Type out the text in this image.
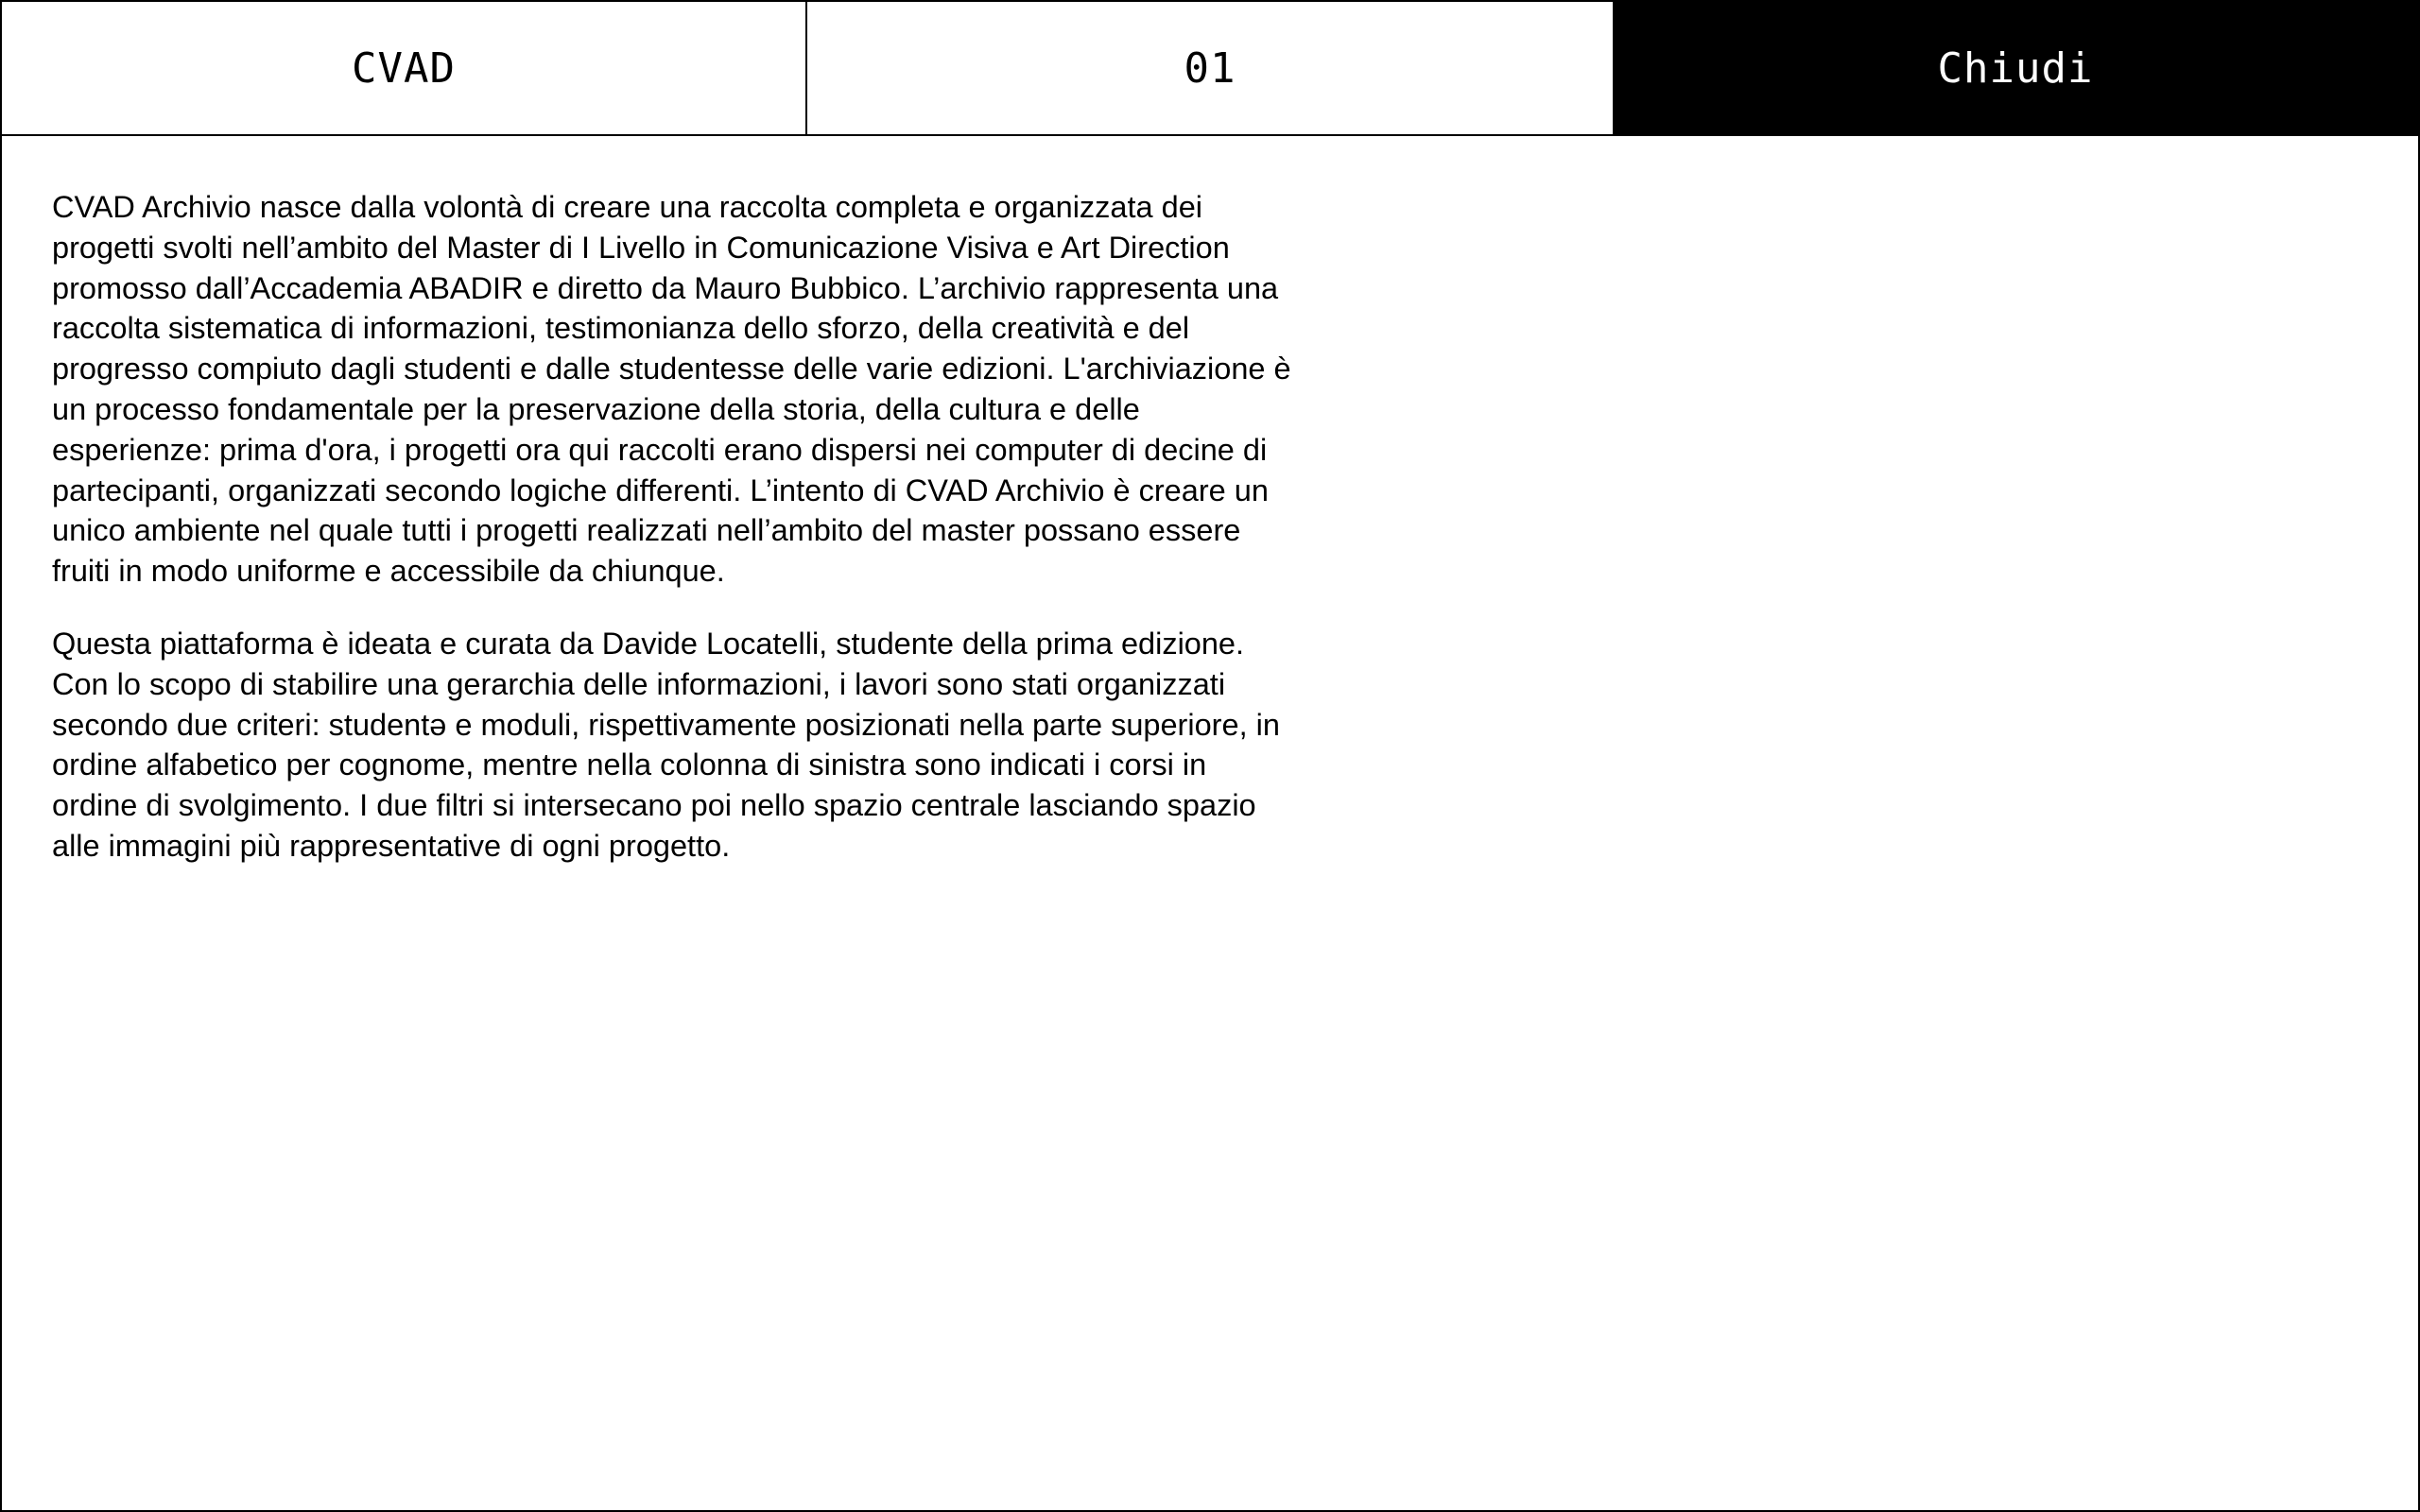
CVAD	01	Chiudi

CVAD Archivio nasce dalla volontà di creare una raccolta completa e organizzata dei progetti svolti nell’ambito del Master di I Livello in Comunicazione Visiva e Art Direction promosso dall’Accademia ABADIR e diretto da Mauro Bubbico. L’archivio rappresenta una raccolta sistematica di informazioni, testimonianza dello sforzo, della creatività e del progresso compiuto dagli studenti e dalle studentesse delle varie edizioni. L'archiviazione è un processo fondamentale per la preservazione della storia, della cultura e delle esperienze: prima d'ora, i progetti ora qui raccolti erano dispersi nei computer di decine di partecipanti, organizzati secondo logiche differenti. L’intento di CVAD Archivio è creare un unico ambiente nel quale tutti i progetti realizzati nell’ambito del master possano essere fruiti in modo uniforme e accessibile da chiunque.

Questa piattaforma è ideata e curata da Davide Locatelli, studente della prima edizione. Con lo scopo di stabilire una gerarchia delle informazioni, i lavori sono stati organizzati secondo due criteri: studentə e moduli, rispettivamente posizionati nella parte superiore, in ordine alfabetico per cognome, mentre nella colonna di sinistra sono indicati i corsi in ordine di svolgimento. I due filtri si intersecano poi nello spazio centrale lasciando spazio alle immagini più rappresentative di ogni progetto.
